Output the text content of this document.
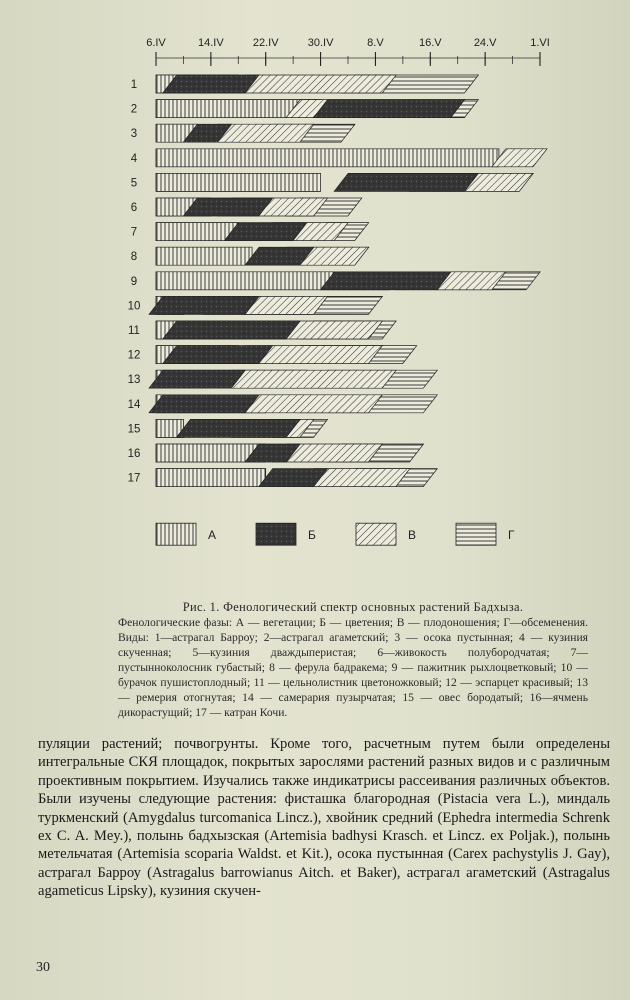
6.IV	14.IV	22.IV	30.IV	8.V	16.V	24.V	1.VI
1
2
3
4
5
6
7
8
9
10
11
12
13
14
15
16
17
А	Б	В	Г
Рис. 1. Фенологический спектр основных растений Бадхыза.
Фенологические фазы: А — вегетации; Б — цветения; В — плодоношения; Г—обсеменения. Виды: 1—астрагал Барроу; 2—астрагал агаметский; 3 — осока пустынная; 4 — кузиния скученная; 5—кузиния дваждыперистая; 6—живокость полубородчатая; 7—пустынноколосник губастый; 8 — ферула бадракема; 9 — пажитник рыхлоцветковый; 10 — бурачок пушистоплодный; 11 — цельнолистник цветоножковый; 12 — эспарцет красивый; 13 — ремерия отогнутая; 14 — самерария пузырчатая; 15 — овес бородатый; 16—ячмень дикорастущий; 17 — катран Кочи.
пуляции растений; почвогрунты. Кроме того, расчетным путем были определены интегральные СКЯ площадок, покрытых зарослями растений разных видов и с различным проективным покрытием. Изучались также индикатрисы рассеивания различных объектов. Были изучены следующие растения: фисташка благородная (Pistacia vera L.), миндаль туркменский (Amygdalus turcomanica Lincz.), хвойник средний (Ephedra intermedia Schrenk ex C. A. Mey.), полынь бадхызская (Artemisia badhysi Krasch. et Lincz. ex Poljak.), полынь метельчатая (Artemisia scoparia Waldst. et Kit.), осока пустынная (Carex pachystylis J. Gay), астрагал Барроу (Astragalus barrowianus Aitch. et Baker), астрагал агаметский (Astragalus agameticus Lipsky), кузиния скучен-
30
